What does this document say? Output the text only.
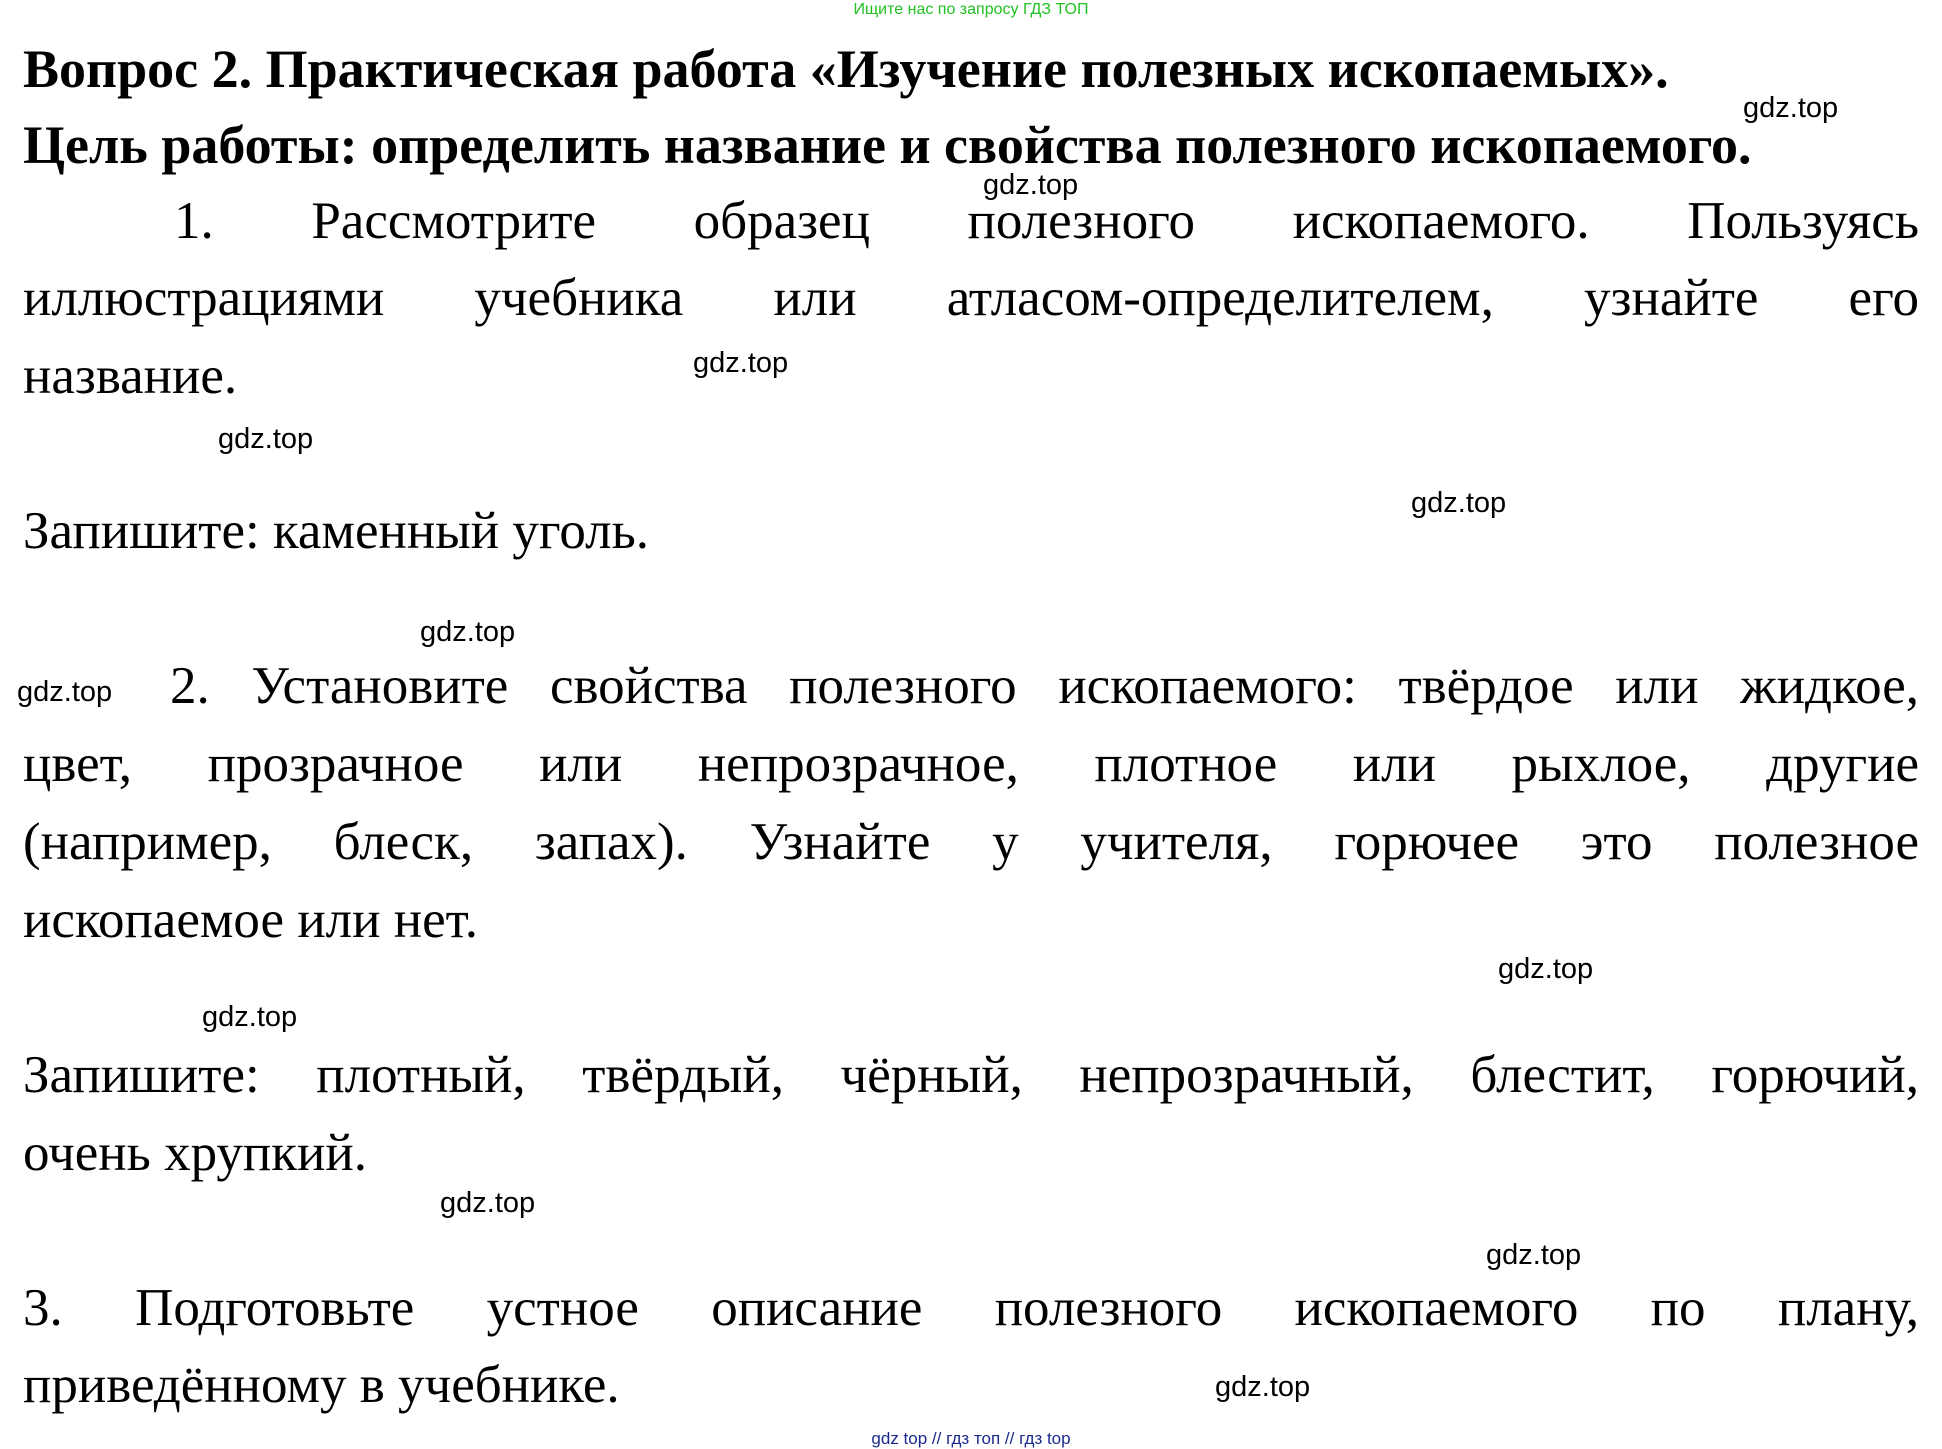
Ищите нас по запросу ГДЗ ТОП
Вопрос 2. Практическая работа «Изучение полезных ископаемых».
Цель работы: определить название и свойства полезного ископаемого.
1. Рассмотрите образец полезного ископаемого. Пользуясь
иллюстрациями учебника или атласом-определителем, узнайте его
название.
Запишите: каменный уголь.
2. Установите свойства полезного ископаемого: твёрдое или жидкое,
цвет, прозрачное или непрозрачное, плотное или рыхлое, другие
(например, блеск, запах). Узнайте у учителя, горючее это полезное
ископаемое или нет.
Запишите: плотный, твёрдый, чёрный, непрозрачный, блестит, горючий,
очень хрупкий.
3. Подготовьте устное описание полезного ископаемого по плану,
приведённому в учебнике.
gdz.top
gdz.top
gdz.top
gdz.top
gdz.top
gdz.top
gdz.top
gdz.top
gdz.top
gdz.top
gdz.top
gdz.top
gdz top // гдз топ // гдз top
